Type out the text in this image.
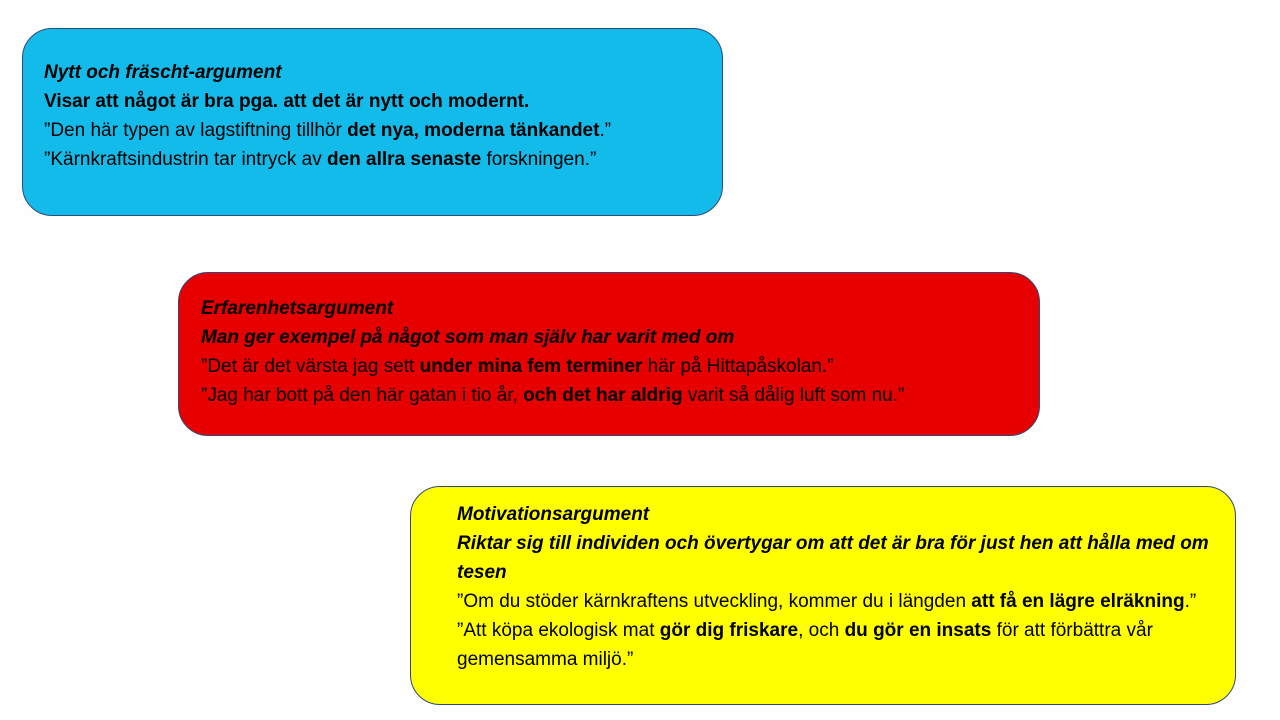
Nytt och fräscht-argument

Visar att något är bra pga. att det är nytt och modernt.

”Den här typen av lagstiftning tillhör det nya, moderna tänkandet.”

”Kärnkraftsindustrin tar intryck av den allra senaste forskningen.”

Erfarenhetsargument

Man ger exempel på något som man själv har varit med om

”Det är det värsta jag sett under mina fem terminer här på Hittapåskolan.”

”Jag har bott på den här gatan i tio år, och det har aldrig varit så dålig luft som nu.”

Motivationsargument

Riktar sig till individen och övertygar om att det är bra för just hen att hålla med om tesen

”Om du stöder kärnkraftens utveckling, kommer du i längden att få en lägre elräkning.”

”Att köpa ekologisk mat gör dig friskare, och du gör en insats för att förbättra vår gemensamma miljö.”
